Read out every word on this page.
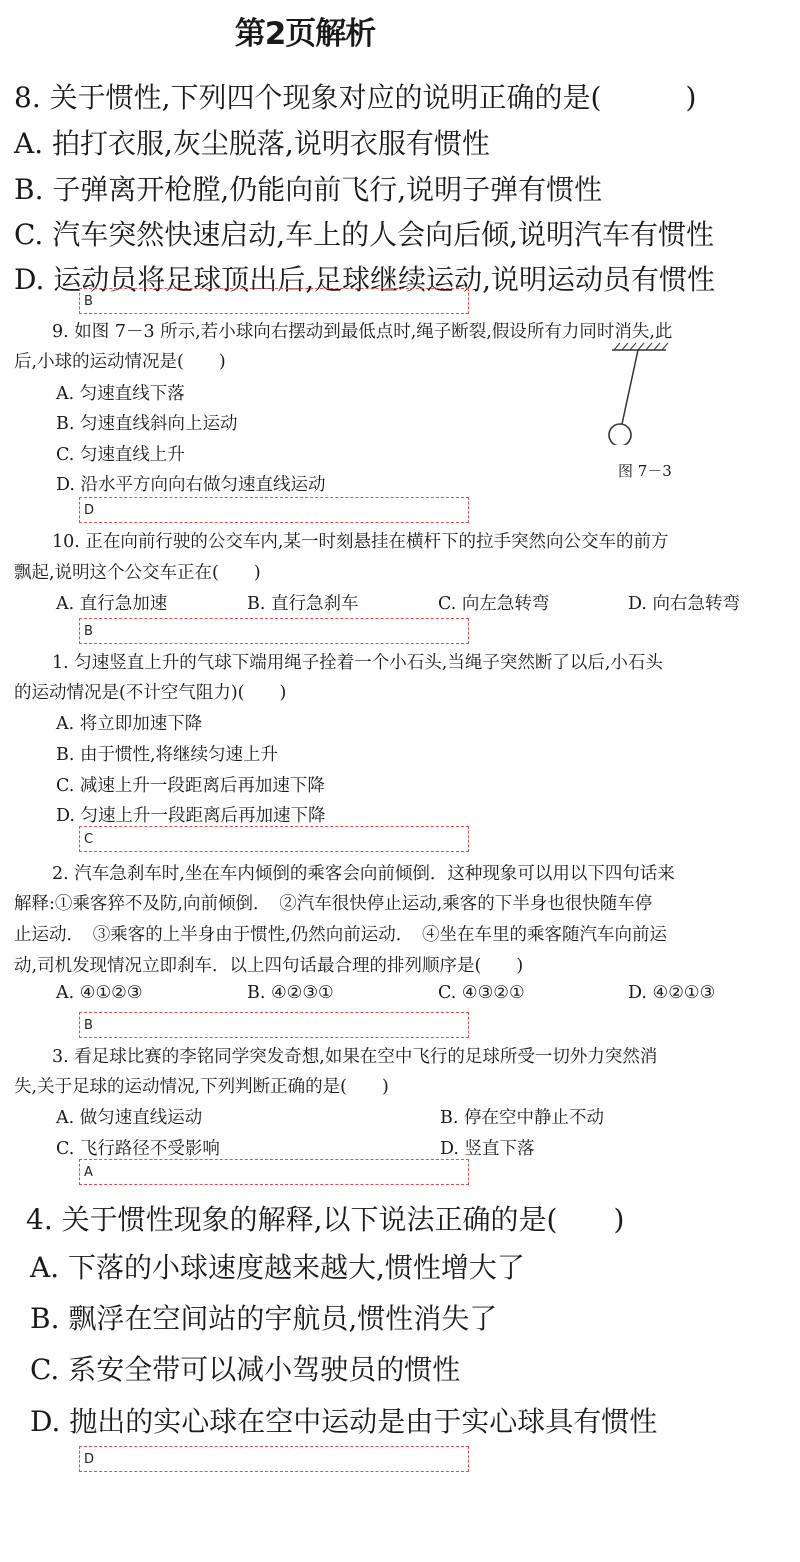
第2页解析
8. 关于惯性,下列四个现象对应的说明正确的是(　　　)
A. 拍打衣服,灰尘脱落,说明衣服有惯性
B. 子弹离开枪膛,仍能向前飞行,说明子弹有惯性
C. 汽车突然快速启动,车上的人会向后倾,说明汽车有惯性
D. 运动员将足球顶出后,足球继续运动,说明运动员有惯性
B
9. 如图 7－3 所示,若小球向右摆动到最低点时,绳子断裂,假设所有力同时消失,此
后,小球的运动情况是(　　)
A. 匀速直线下落
B. 匀速直线斜向上运动
C. 匀速直线上升
D. 沿水平方向向右做匀速直线运动
图 7－3
D
10. 正在向前行驶的公交车内,某一时刻悬挂在横杆下的拉手突然向公交车的前方
飘起,说明这个公交车正在(　　)
A. 直行急加速	B. 直行急刹车	C. 向左急转弯	D. 向右急转弯
B
1. 匀速竖直上升的气球下端用绳子拴着一个小石头,当绳子突然断了以后,小石头
的运动情况是(不计空气阻力)(　　)
A. 将立即加速下降
B. 由于惯性,将继续匀速上升
C. 减速上升一段距离后再加速下降
D. 匀速上升一段距离后再加速下降
C
2. 汽车急刹车时,坐在车内倾倒的乘客会向前倾倒．这种现象可以用以下四句话来
解释:①乘客猝不及防,向前倾倒．　②汽车很快停止运动,乘客的下半身也很快随车停
止运动．　③乘客的上半身由于惯性,仍然向前运动．　④坐在车里的乘客随汽车向前运
动,司机发现情况立即刹车．以上四句话最合理的排列顺序是(　　)
A. ④①②③	B. ④②③①	C. ④③②①	D. ④②①③
B
3. 看足球比赛的李铭同学突发奇想,如果在空中飞行的足球所受一切外力突然消
失,关于足球的运动情况,下列判断正确的是(　　)
A. 做匀速直线运动	B. 停在空中静止不动
C. 飞行路径不受影响	D. 竖直下落
A
4. 关于惯性现象的解释,以下说法正确的是(　　)
A. 下落的小球速度越来越大,惯性增大了
B. 飘浮在空间站的宇航员,惯性消失了
C. 系安全带可以减小驾驶员的惯性
D. 抛出的实心球在空中运动是由于实心球具有惯性
D
